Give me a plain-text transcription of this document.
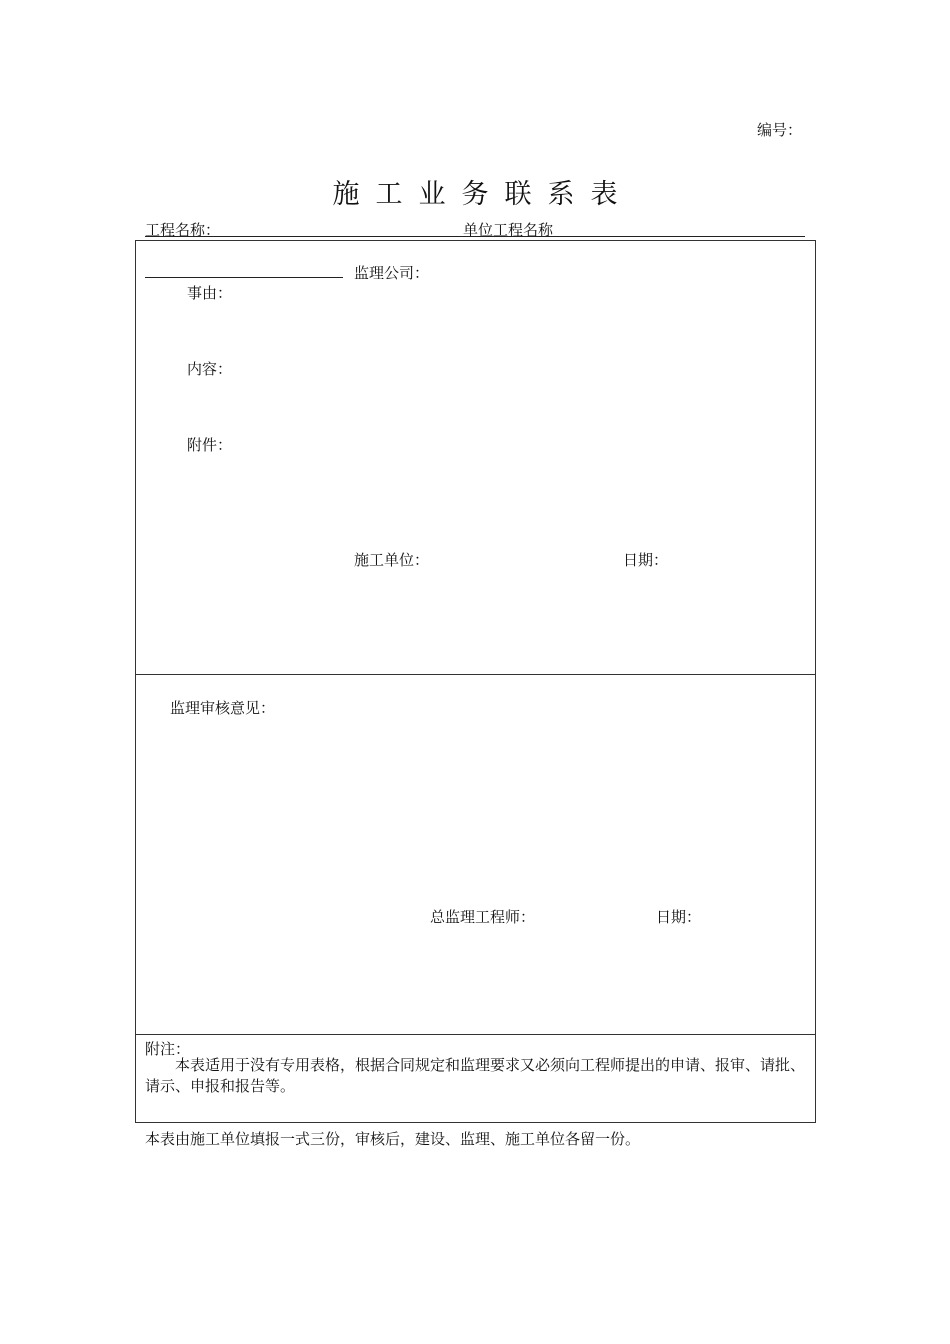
编号：
施工业务联系表
工程名称：	单位工程名称
监理公司：
事由：
内容：
附件：
施工单位：	日期：
监理审核意见：
总监理工程师：	日期：
附注：
本表适用于没有专用表格，根据合同规定和监理要求又必须向工程师提出的申请、报审、请批、请示、申报和报告等。
本表由施工单位填报一式三份，审核后，建设、监理、施工单位各留一份。
